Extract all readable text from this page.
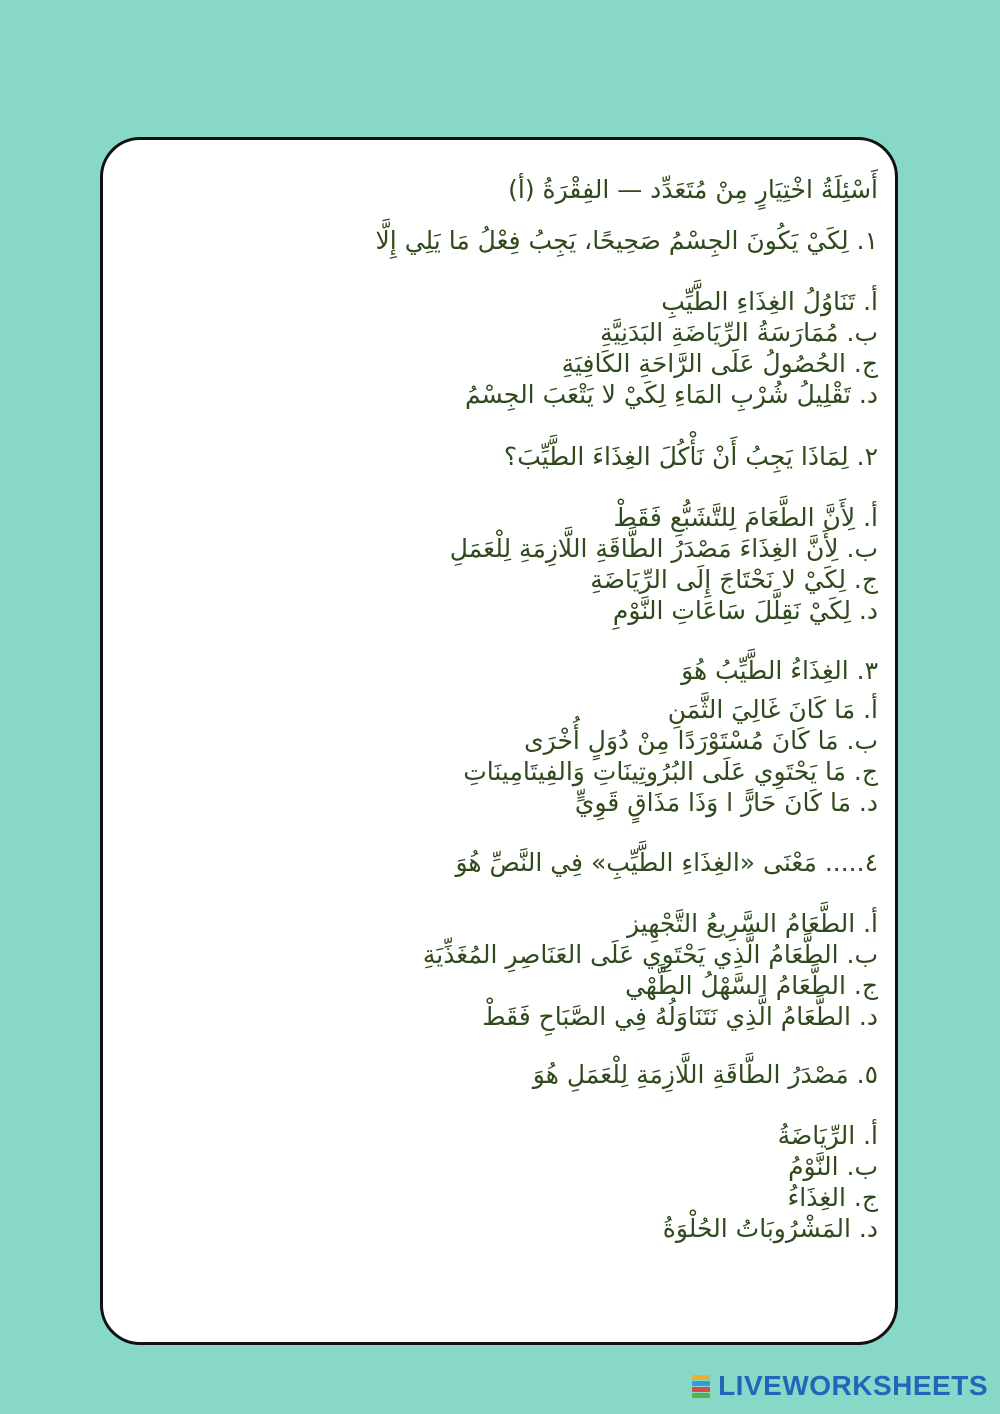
أَسْئِلَةُ اخْتِيَارٍ مِنْ مُتَعَدِّد — الفِقْرَةُ (أ)

١. لِكَيْ يَكُونَ الجِسْمُ صَحِيحًا، يَجِبُ فِعْلُ مَا يَلِي إِلَّا

أ. تَنَاوُلُ الغِذَاءِ الطَّيِّبِ
ب. مُمَارَسَةُ الرِّيَاضَةِ البَدَنِيَّةِ
ج. الحُصُولُ عَلَى الرَّاحَةِ الكَافِيَةِ
د. تَقْلِيلُ شُرْبِ المَاءِ لِكَيْ لا يَتْعَبَ الجِسْمُ

٢. لِمَاذَا يَجِبُ أَنْ نَأْكُلَ الغِذَاءَ الطَّيِّبَ؟

أ. لِأَنَّ الطَّعَامَ لِلتَّشَبُّعِ فَقَطْ
ب. لِأَنَّ الغِذَاءَ مَصْدَرُ الطَّاقَةِ اللَّازِمَةِ لِلْعَمَلِ
ج. لِكَيْ لا نَحْتَاجَ إِلَى الرِّيَاضَةِ
د. لِكَيْ نَقِلَّلَ سَاعَاتِ النَّوْمِ

٣. الغِذَاءُ الطَّيِّبُ هُوَ

أ. مَا كَانَ غَالِيَ الثَّمَنِ
ب. مَا كَانَ مُسْتَوْرَدًا مِنْ دُوَلٍ أُخْرَى
ج. مَا يَحْتَوِي عَلَى البُرُوتِينَاتِ وَالفِيتَامِينَاتِ
د. مَا كَانَ حَارًّ ا وَذَا مَذَاقٍ قَوِيٍّ

٤..... مَعْنَى «الغِذَاءِ الطَّيِّبِ» فِي النَّصِّ هُوَ

أ. الطَّعَامُ السَّرِيعُ التَّجْهِيز
ب. الطَّعَامُ الَّذِي يَحْتَوِي عَلَى العَنَاصِرِ المُغَذِّيَةِ
ج. الطَّعَامُ السَّهْلُ الطَّهْي
د. الطَّعَامُ الَّذِي نَتَنَاوَلُهُ فِي الصَّبَاحِ فَقَطْ

٥. مَصْدَرُ الطَّاقَةِ اللَّازِمَةِ لِلْعَمَلِ هُوَ

أ. الرِّيَاضَةُ
ب. النَّوْمُ
ج. الغِذَاءُ
د. المَشْرُوبَاتُ الحُلْوَةُ
LIVEWORKSHEETS
